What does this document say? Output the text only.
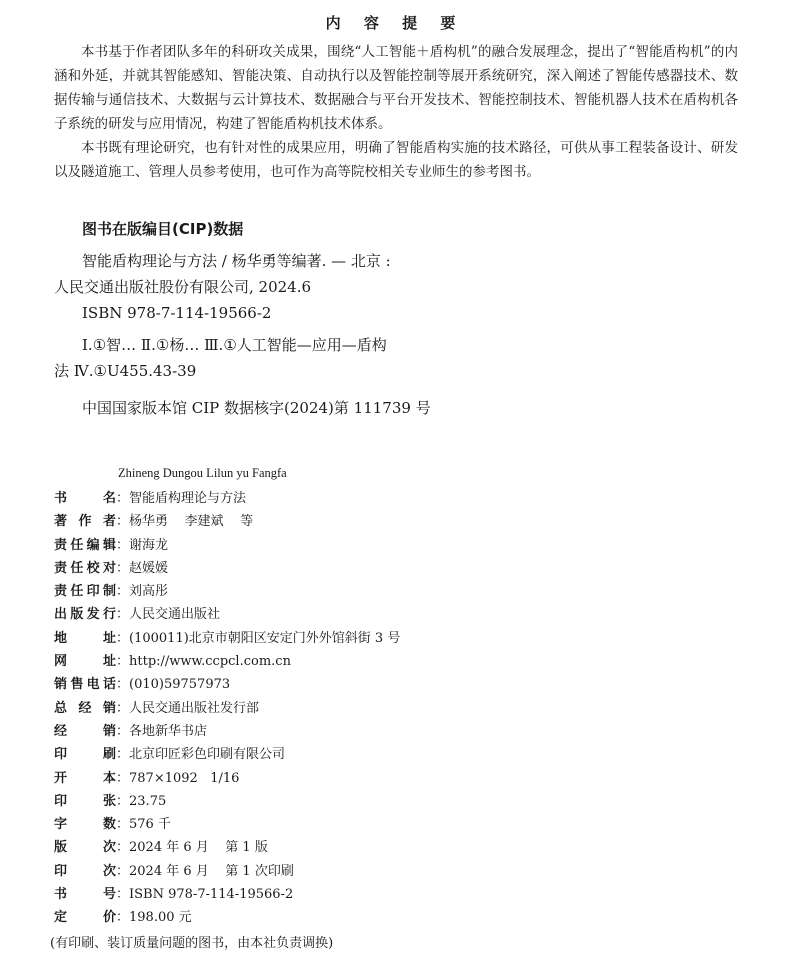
内 容 提 要

本书基于作者团队多年的科研攻关成果，围绕“人工智能＋盾构机”的融合发展理念，提出了“智能盾构机”的内涵和外延，并就其智能感知、智能决策、自动执行以及智能控制等展开系统研究，深入阐述了智能传感器技术、数据传输与通信技术、大数据与云计算技术、数据融合与平台开发技术、智能控制技术、智能机器人技术在盾构机各子系统的研发与应用情况，构建了智能盾构机技术体系。

本书既有理论研究，也有针对性的成果应用，明确了智能盾构实施的技术路径，可供从事工程装备设计、研发以及隧道施工、管理人员参考使用，也可作为高等院校相关专业师生的参考图书。

图书在版编目(CIP)数据
智能盾构理论与方法 / 杨华勇等编著. — 北京 :
人民交通出版社股份有限公司, 2024.6
ISBN 978-7-114-19566-2
Ⅰ.①智… Ⅱ.①杨… Ⅲ.①人工智能—应用—盾构
法 Ⅳ.①U455.43-39
中国国家版本馆 CIP 数据核字(2024)第 111739 号
Zhineng Dungou Lilun yu Fangfa
书名 ： 智能盾构理论与方法
著作者 ： 杨华勇    李建斌    等
责任编辑 ： 谢海龙
责任校对 ： 赵媛媛
责任印制 ： 刘高彤
出版发行 ： 人民交通出版社
地址 ： (100011)北京市朝阳区安定门外外馆斜街 3 号
网址 ： http://www.ccpcl.com.cn
销售电话 ： (010)59757973
总经销 ： 人民交通出版社发行部
经销 ： 各地新华书店
印刷 ： 北京印匠彩色印刷有限公司
开本 ： 787×1092   1/16
印张 ： 23.75
字数 ： 576 千
版次 ： 2024 年 6 月    第 1 版
印次 ： 2024 年 6 月    第 1 次印刷
书号 ： ISBN 978-7-114-19566-2
定价 ： 198.00 元
(有印刷、装订质量问题的图书，由本社负责调换)
